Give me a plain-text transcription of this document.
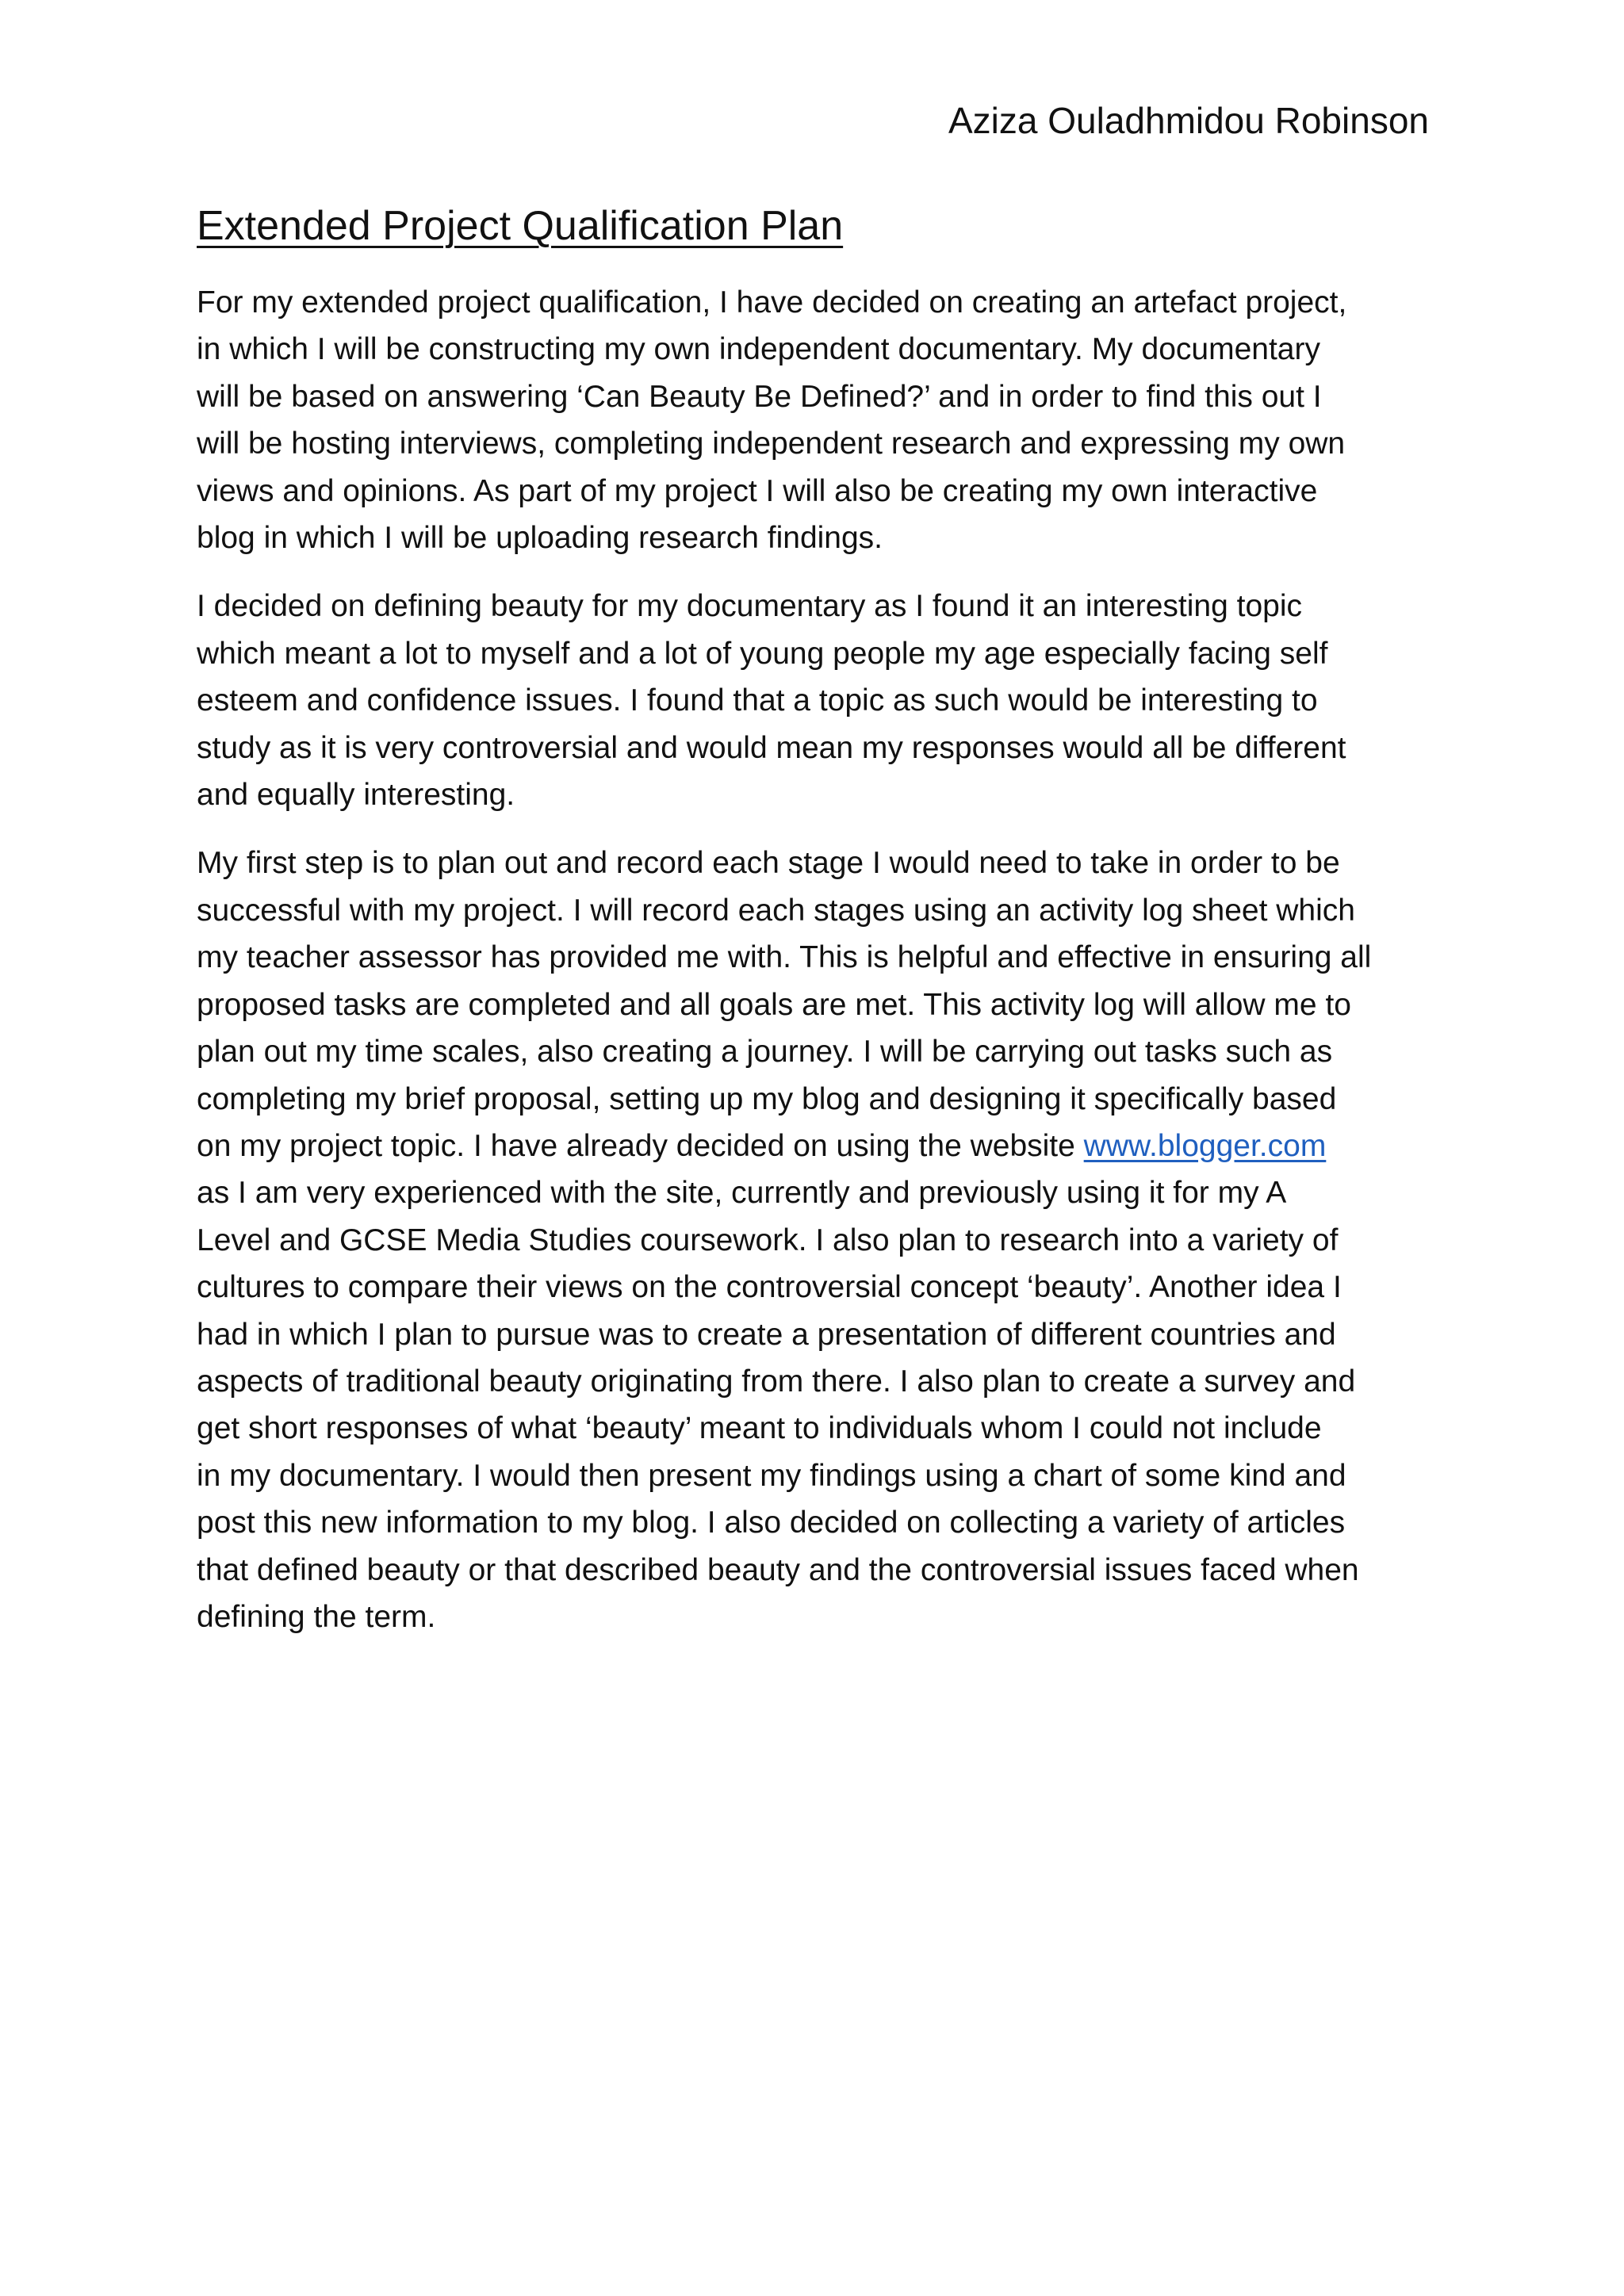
Aziza Ouladhmidou Robinson
Extended Project Qualification Plan

For my extended project qualification, I have decided on creating an artefact project,
in which I will be constructing my own independent documentary. My documentary
will be based on answering ‘Can Beauty Be Defined?’ and in order to find this out I
will be hosting interviews, completing independent research and expressing my own
views and opinions. As part of my project I will also be creating my own interactive
blog in which I will be uploading research findings.

I decided on defining beauty for my documentary as I found it an interesting topic
which meant a lot to myself and a lot of young people my age especially facing self
esteem and confidence issues. I found that a topic as such would be interesting to
study as it is very controversial and would mean my responses would all be different
and equally interesting.

My first step is to plan out and record each stage I would need to take in order to be
successful with my project. I will record each stages using an activity log sheet which
my teacher assessor has provided me with. This is helpful and effective in ensuring all
proposed tasks are completed and all goals are met. This activity log will allow me to
plan out my time scales, also creating a journey. I will be carrying out tasks such as
completing my brief proposal, setting up my blog and designing it specifically based
on my project topic. I have already decided on using the website www.blogger.com
as I am very experienced with the site, currently and previously using it for my A
Level and GCSE Media Studies coursework. I also plan to research into a variety of
cultures to compare their views on the controversial concept ‘beauty’. Another idea I
had in which I plan to pursue was to create a presentation of different countries and
aspects of traditional beauty originating from there. I also plan to create a survey and
get short responses of what ‘beauty’ meant to individuals whom I could not include
in my documentary. I would then present my findings using a chart of some kind and
post this new information to my blog. I also decided on collecting a variety of articles
that defined beauty or that described beauty and the controversial issues faced when
defining the term.
